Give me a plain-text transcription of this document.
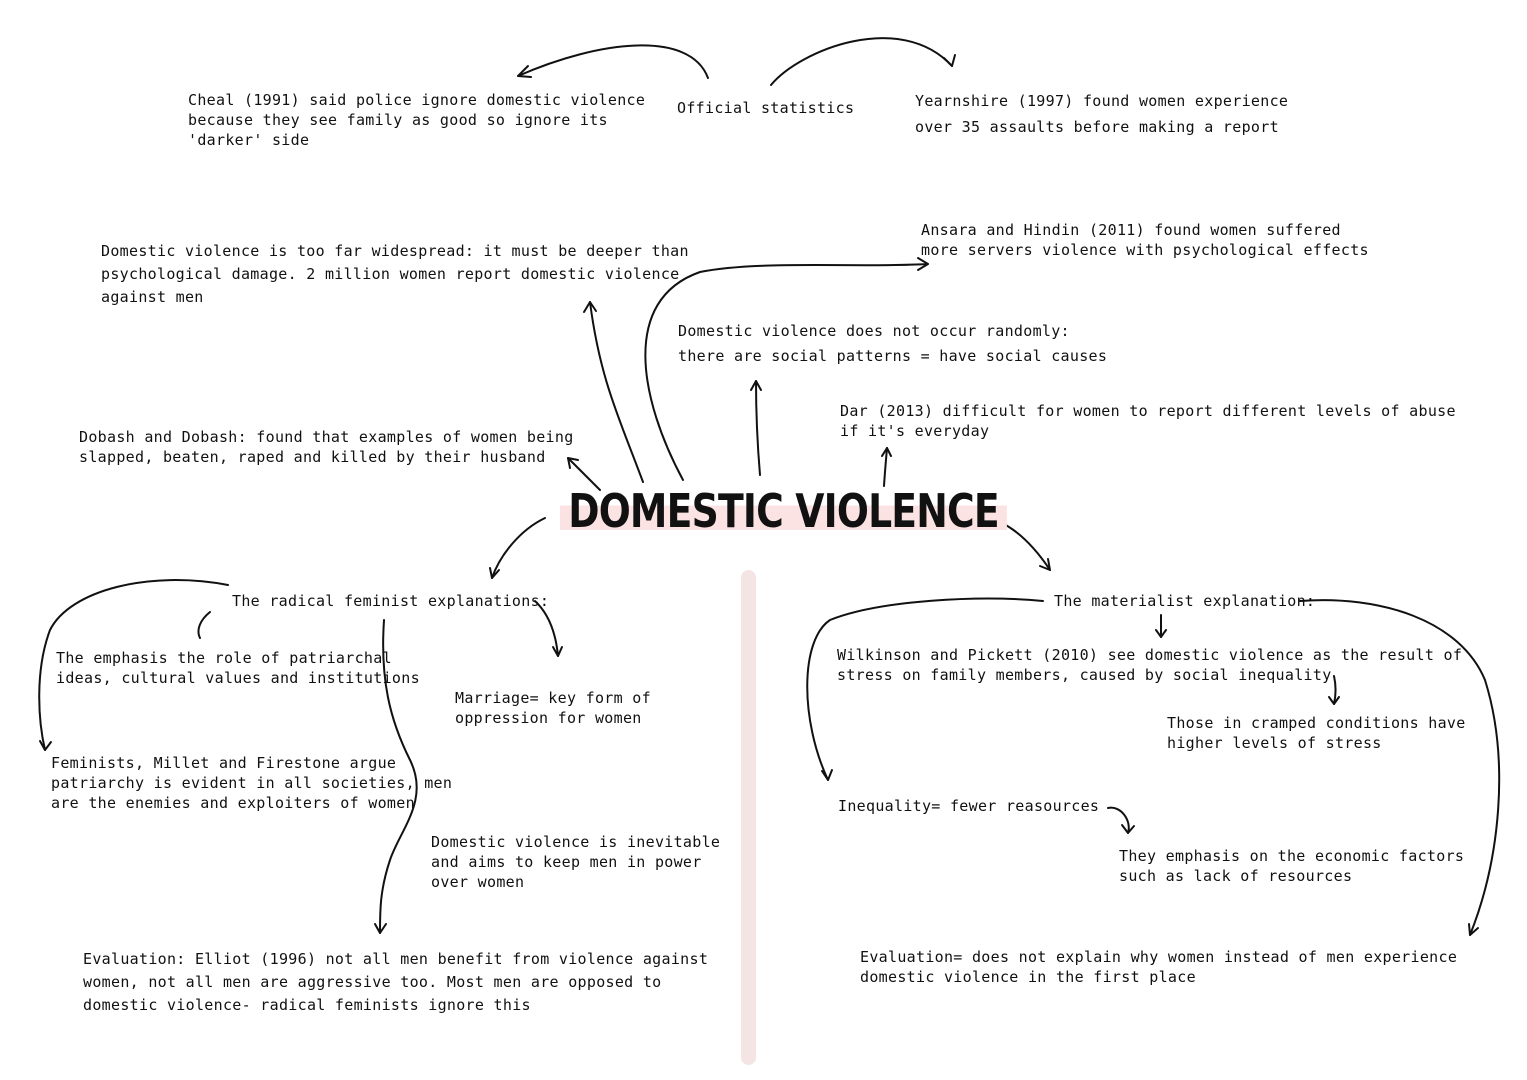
Official statistics
Cheal (1991) said police ignore domestic violence
because they see family as good so ignore its
'darker' side
Yearnshire (1997) found women experience
over 35 assaults before making a report
Domestic violence is too far widespread: it must be deeper than
psychological damage. 2 million women report domestic violence
against men
Ansara and Hindin (2011) found women suffered
more servers violence with psychological effects
Domestic violence does not occur randomly:
there are social patterns = have social causes
Dar (2013) difficult for women to report different levels of abuse
if it's everyday
Dobash and Dobash: found that examples of women being
slapped, beaten, raped and killed by their husband
DOMESTIC VIOLENCE
The radical feminist explanations:
The emphasis the role of patriarchal
ideas, cultural values and institutions
Marriage= key form of
oppression for women
Feminists, Millet and Firestone argue
patriarchy is evident in all societies, men
are the enemies and exploiters of women
Domestic violence is inevitable
and aims to keep men in power
over women
Evaluation: Elliot (1996) not all men benefit from violence against
women, not all men are aggressive too. Most men are opposed to
domestic violence- radical feminists ignore this
The materialist explanation:
Wilkinson and Pickett (2010) see domestic violence as the result of
stress on family members, caused by social inequality
Those in cramped conditions have
higher levels of stress
Inequality= fewer reasources
They emphasis on the economic factors
such as lack of resources
Evaluation= does not explain why women instead of men experience
domestic violence in the first place
